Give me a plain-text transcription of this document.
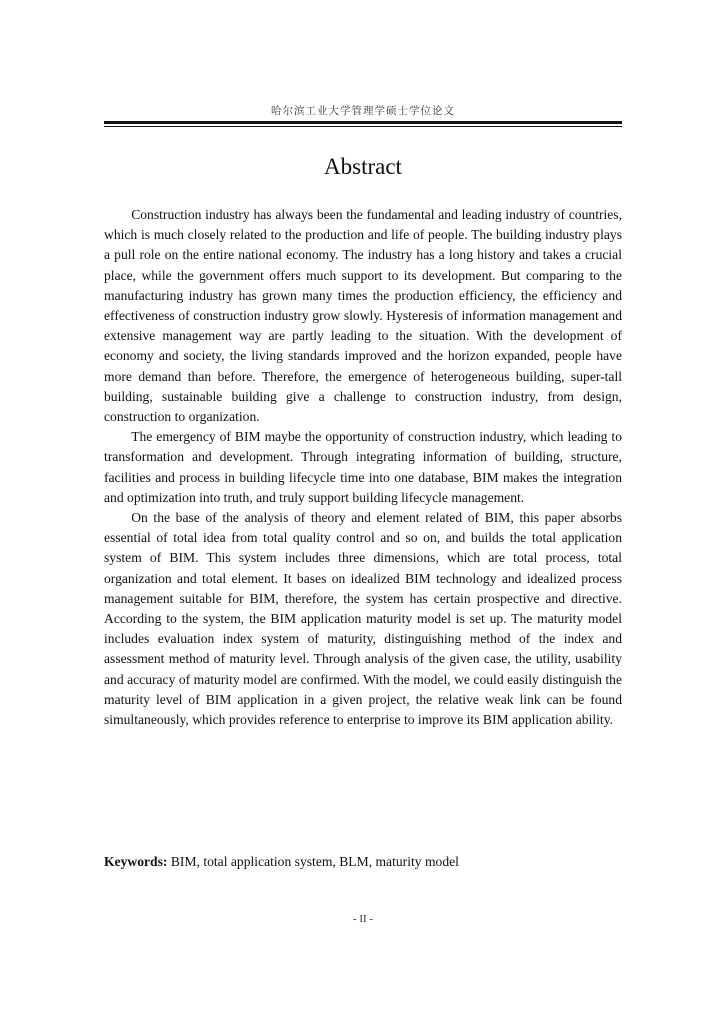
哈尔滨工业大学管理学硕士学位论文
Abstract

Construction industry has always been the fundamental and leading industry of countries, which is much closely related to the production and life of people. The building industry plays a pull role on the entire national economy. The industry has a long history and takes a crucial place, while the government offers much support to its development. But comparing to the manufacturing industry has grown many times the production efficiency, the efficiency and effectiveness of construction industry grow slowly. Hysteresis of information management and extensive management way are partly leading to the situation. With the development of economy and society, the living standards improved and the horizon expanded, people have more demand than before. Therefore, the emergence of heterogeneous building, super-tall building, sustainable building give a challenge to construction industry, from design, construction to organization.

The emergency of BIM maybe the opportunity of construction industry, which leading to transformation and development. Through integrating information of building, structure, facilities and process in building lifecycle time into one database, BIM makes the integration and optimization into truth, and truly support building lifecycle management.

On the base of the analysis of theory and element related of BIM, this paper absorbs essential of total idea from total quality control and so on, and builds the total application system of BIM. This system includes three dimensions, which are total process, total organization and total element. It bases on idealized BIM technology and idealized process management suitable for BIM, therefore, the system has certain prospective and directive. According to the system, the BIM application maturity model is set up. The maturity model includes evaluation index system of maturity, distinguishing method of the index and assessment method of maturity level. Through analysis of the given case, the utility, usability and accuracy of maturity model are confirmed. With the model, we could easily distinguish the maturity level of BIM application in a given project, the relative weak link can be found simultaneously, which provides reference to enterprise to improve its BIM application ability.

Keywords: BIM, total application system, BLM, maturity model
- II -
